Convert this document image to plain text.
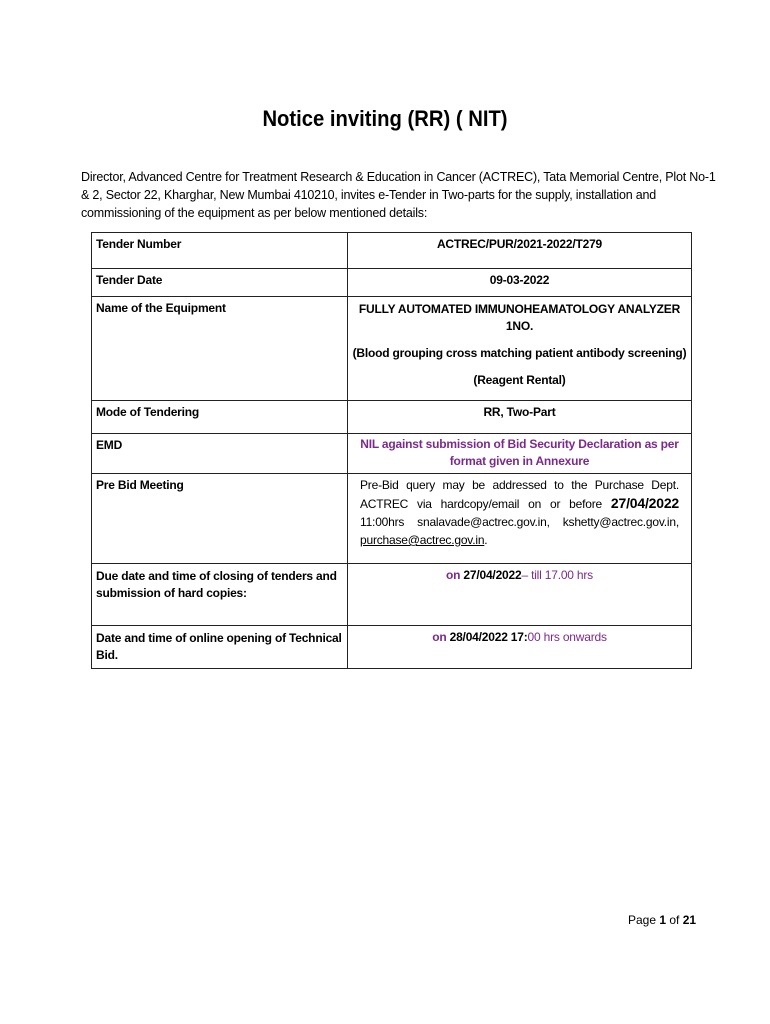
Notice inviting (RR) ( NIT)
Director, Advanced Centre for Treatment Research & Education in Cancer (ACTREC), Tata Memorial Centre, Plot No-1 & 2, Sector 22, Kharghar, New Mumbai 410210, invites e-Tender in Two-parts for the supply, installation and commissioning of the equipment as per below mentioned details:
Tender Number	ACTREC/PUR/2021-2022/T279
Tender Date	09-03-2022
Name of the Equipment	FULLY AUTOMATED IMMUNOHEAMATOLOGY ANALYZER 1NO.
(Blood grouping cross matching patient antibody screening)
(Reagent Rental)

Mode of Tendering	RR, Two-Part
EMD	NIL against submission of Bid Security Declaration as per format given in Annexure
Pre Bid Meeting	Pre-Bid query may be addressed to the Purchase Dept. ACTREC via hardcopy/email on or before 27/04/2022 11:00hrs snalavade@actrec.gov.in, kshetty@actrec.gov.in, purchase@actrec.gov.in.
Due date and time of closing of tenders and submission of hard copies:	on 27/04/2022– till 17.00 hrs
Date and time of online opening of Technical Bid.	on 28/04/2022 17:00 hrs onwards
Page 1 of 21
